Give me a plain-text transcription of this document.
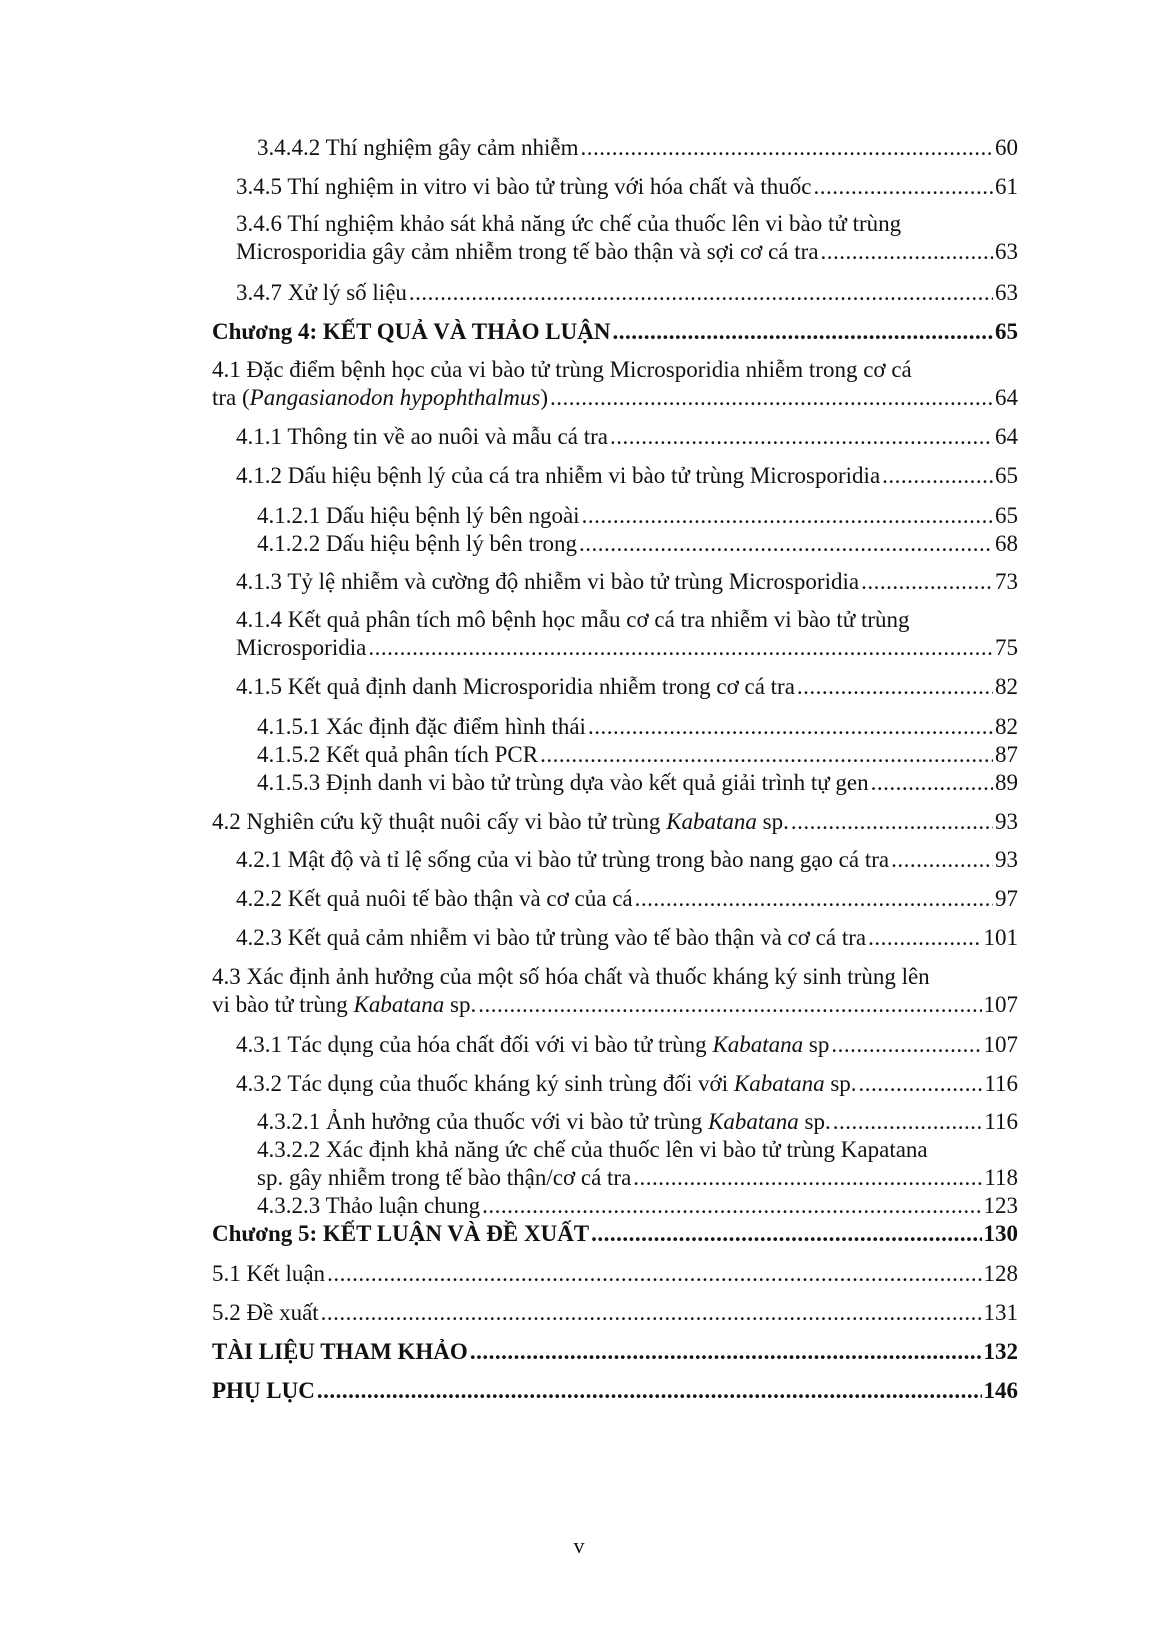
3.4.4.2 Thí nghiệm gây cảm nhiễm .....	60
3.4.5 Thí nghiệm in vitro vi bào tử trùng với hóa chất và thuốc .....	61
3.4.6 Thí nghiệm khảo sát khả năng ức chế của thuốc lên vi bào tử trùng
Microsporidia gây cảm nhiễm trong tế bào thận và sợi cơ cá tra .....	63
3.4.7 Xử lý số liệu .....	63
Chương 4: KẾT QUẢ VÀ THẢO LUẬN .....	65
4.1 Đặc điểm bệnh học của vi bào tử trùng Microsporidia nhiễm trong cơ cá
tra (Pangasianodon hypophthalmus) .....	64
4.1.1 Thông tin về ao nuôi và mẫu cá tra .....	64
4.1.2 Dấu hiệu bệnh lý của cá tra nhiễm vi bào tử trùng Microsporidia .....	65
4.1.2.1 Dấu hiệu bệnh lý bên ngoài .....	65
4.1.2.2 Dấu hiệu bệnh lý bên trong .....	68
4.1.3 Tỷ lệ nhiễm và cường độ nhiễm vi bào tử trùng Microsporidia .....	73
4.1.4 Kết quả phân tích mô bệnh học mẫu cơ cá tra nhiễm vi bào tử trùng
Microsporidia .....	75
4.1.5 Kết quả định danh Microsporidia nhiễm trong cơ cá tra .....	82
4.1.5.1 Xác định đặc điểm hình thái .....	82
4.1.5.2 Kết quả phân tích PCR .....	87
4.1.5.3 Định danh vi bào tử trùng dựa vào kết quả giải trình tự gen .....	89
4.2 Nghiên cứu kỹ thuật nuôi cấy vi bào tử trùng Kabatana sp. .....	93
4.2.1 Mật độ và tỉ lệ sống của vi bào tử trùng trong bào nang gạo cá tra .....	93
4.2.2 Kết quả nuôi tế bào thận và cơ của cá .....	97
4.2.3 Kết quả cảm nhiễm vi bào tử trùng vào tế bào thận và cơ cá tra .....	101
4.3 Xác định ảnh hưởng của một số hóa chất và thuốc kháng ký sinh trùng lên
vi bào tử trùng Kabatana sp. .....	107
4.3.1 Tác dụng của hóa chất đối với vi bào tử trùng Kabatana sp .....	107
4.3.2 Tác dụng của thuốc kháng ký sinh trùng đối với Kabatana sp. .....	116
4.3.2.1 Ảnh hưởng của thuốc với vi bào tử trùng Kabatana sp. .....	116
4.3.2.2 Xác định khả năng ức chế của thuốc lên vi bào tử trùng Kapatana
sp. gây nhiễm trong tế bào thận/cơ cá tra .....	118
4.3.2.3 Thảo luận chung .....	123
Chương 5: KẾT LUẬN VÀ ĐỀ XUẤT .....	130
5.1 Kết luận .....	128
5.2 Đề xuất .....	131
TÀI LIỆU THAM KHẢO .....	132
PHỤ LỤC .....	146
v
